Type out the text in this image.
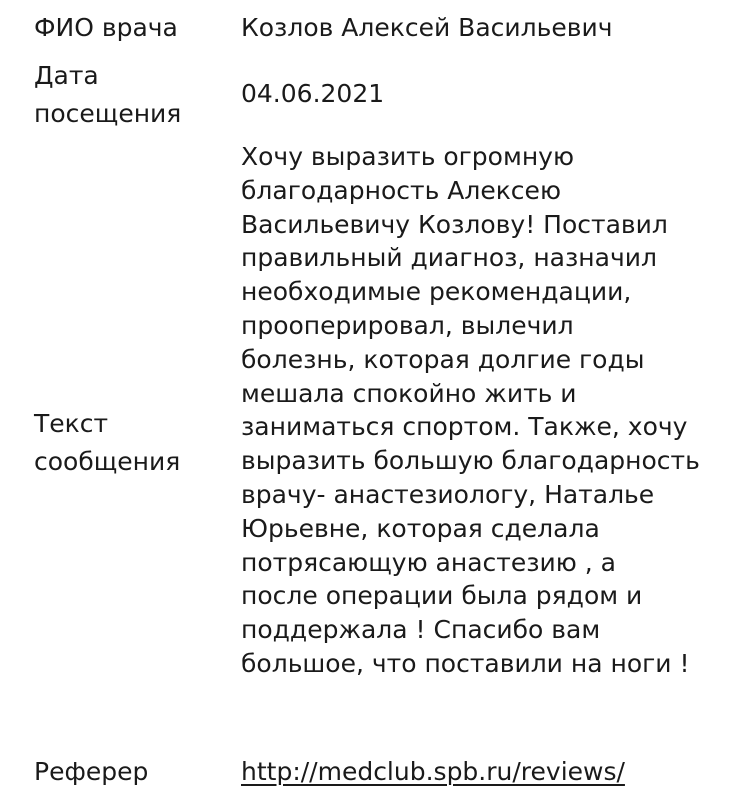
ФИО врача	Козлов Алексей Васильевич
Дата
посещения
04.06.2021
Текст
сообщения
Хочу выразить огромную
благодарность Алексею
Васильевичу Козлову! Поставил
правильный диагноз, назначил
необходимые рекомендации,
прооперировал, вылечил
болезнь, которая долгие годы
мешала спокойно жить и
заниматься спортом. Также, хочу
выразить большую благодарность
врачу- анастезиологу, Наталье
Юрьевне, которая сделала
потрясающую анастезию , а
после операции была рядом и
поддержала ! Спасибо вам
большое, что поставили на ноги !
Реферер	http://medclub.spb.ru/reviews/
